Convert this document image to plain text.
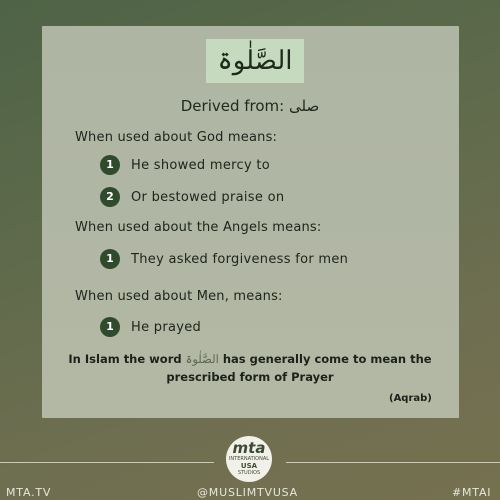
الصَّلٰوۃ
Derived from: صلی
When used about God means:
1	He showed mercy to
2	Or bestowed praise on
When used about the Angels means:
1	They asked forgiveness for men
When used about Men, means:
1	He prayed
In Islam the word الصَّلٰوۃ has generally come to mean the
prescribed form of Prayer
(Aqrab)
mta
INTERNATIONAL
USA
STUDIOS
MTA.TV	@MUSLIMTVUSA	#MTAI
